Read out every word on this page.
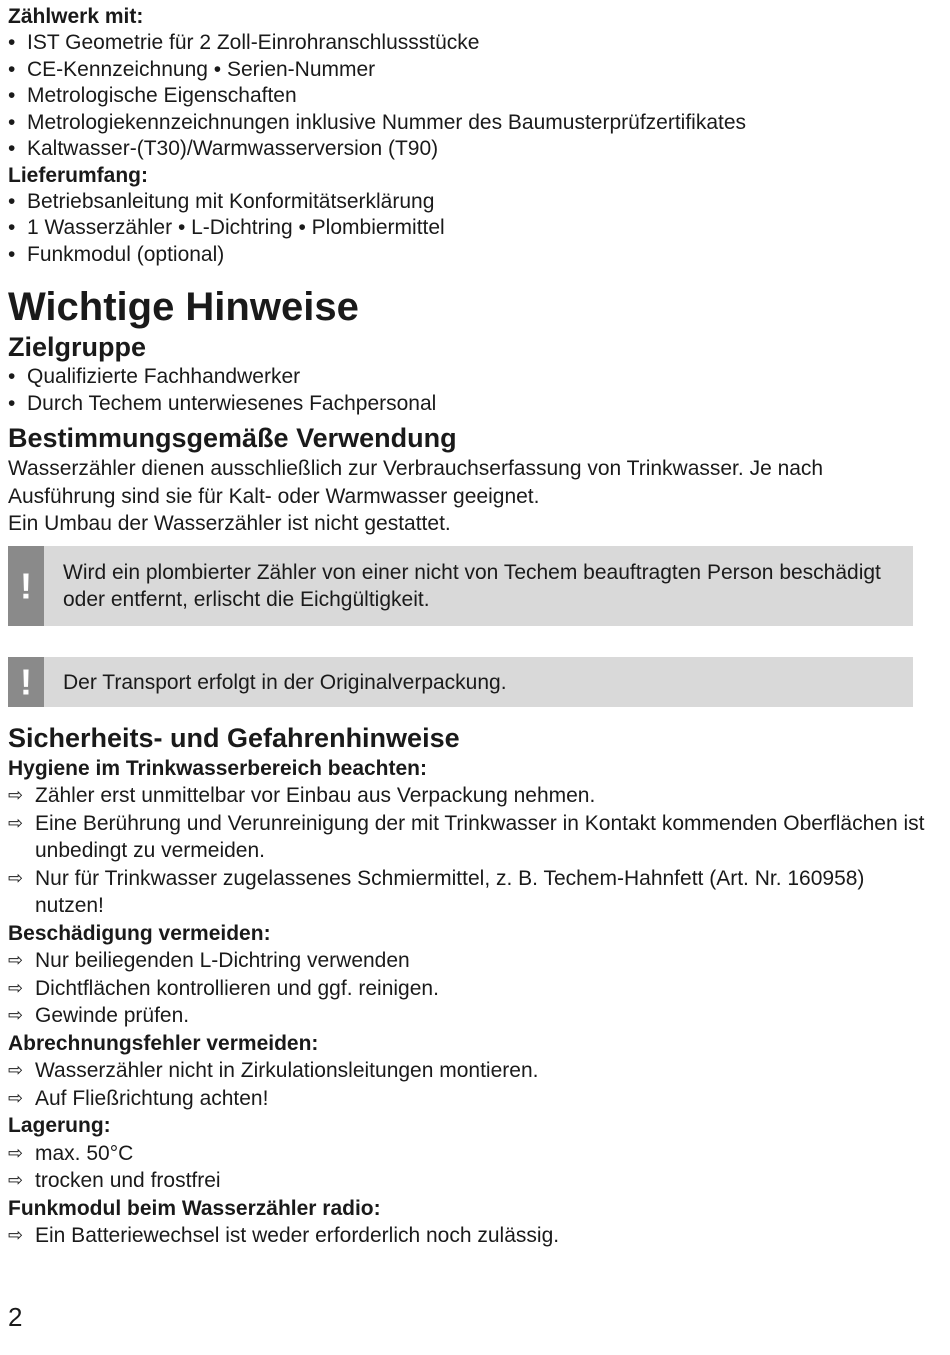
Zählwerk mit:

• IST Geometrie für 2 Zoll-Einrohranschlussstücke
• CE-Kennzeichnung • Serien-Nummer
• Metrologische Eigenschaften
• Metrologiekennzeichnungen inklusive Nummer des Baumusterprüfzertifikates
• Kaltwasser-(T30)/Warmwasserversion (T90)

Lieferumfang:

• Betriebsanleitung mit Konformitätserklärung
• 1 Wasserzähler • L-Dichtring • Plombiermittel
• Funkmodul (optional)
Wichtige Hinweise
Zielgruppe
• Qualifizierte Fachhandwerker
• Durch Techem unterwiesenes Fachpersonal
Bestimmungsgemäße Verwendung

Wasserzähler dienen ausschließlich zur Verbrauchserfassung von Trinkwasser. Je nach Ausführung sind sie für Kalt- oder Warmwasser geeignet.

Ein Umbau der Wasserzähler ist nicht gestattet.

!	Wird ein plombierter Zähler von einer nicht von Techem beauftragten Person beschädigt oder entfernt, erlischt die Eichgültigkeit.
!	Der Transport erfolgt in der Originalverpackung.
Sicherheits- und Gefahrenhinweise

Hygiene im Trinkwasserbereich beachten:

⇨ Zähler erst unmittelbar vor Einbau aus Verpackung nehmen.
⇨ Eine Berührung und Verunreinigung der mit Trinkwasser in Kontakt kommenden Oberflächen ist unbedingt zu vermeiden.
⇨ Nur für Trinkwasser zugelassenes Schmiermittel, z. B. Techem-Hahnfett (Art. Nr. 160958) nutzen!

Beschädigung vermeiden:

⇨ Nur beiliegenden L-Dichtring verwenden
⇨ Dichtflächen kontrollieren und ggf. reinigen.
⇨ Gewinde prüfen.

Abrechnungsfehler vermeiden:

⇨ Wasserzähler nicht in Zirkulationsleitungen montieren.
⇨ Auf Fließrichtung achten!

Lagerung:

⇨ max. 50°C
⇨ trocken und frostfrei

Funkmodul beim Wasserzähler radio:

⇨ Ein Batteriewechsel ist weder erforderlich noch zulässig.
2
